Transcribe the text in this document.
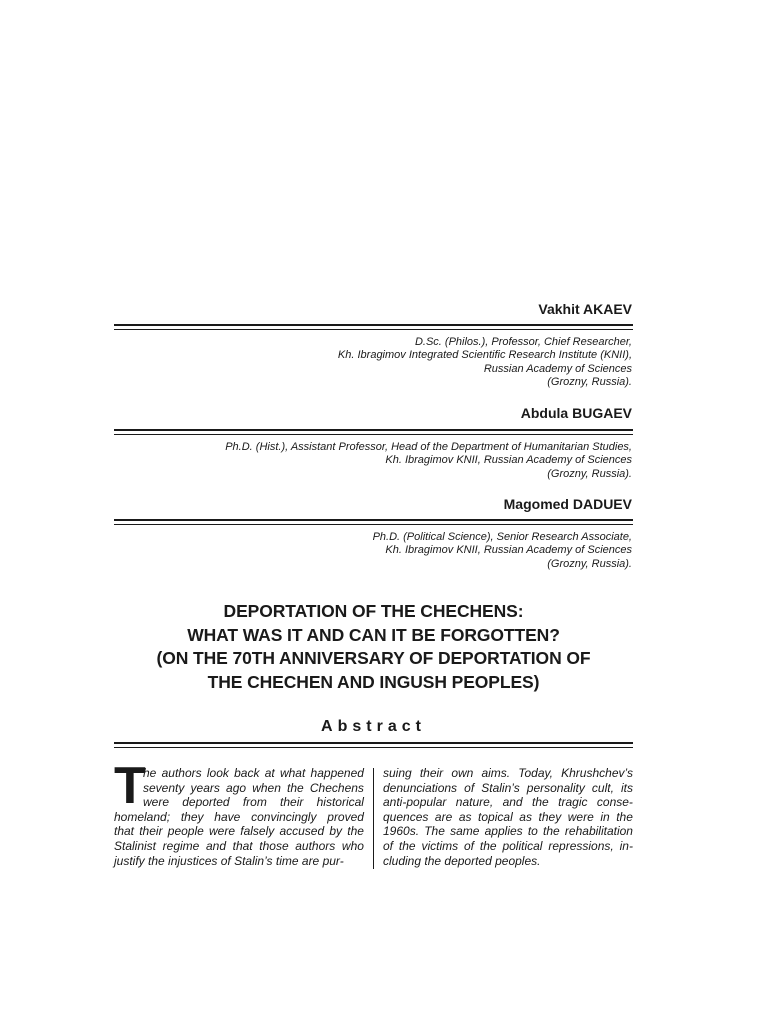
Vakhit AKAEV
D.Sc. (Philos.), Professor, Chief Researcher,
Kh. Ibragimov Integrated Scientific Research Institute (KNII),
Russian Academy of Sciences
(Grozny, Russia).
Abdula BUGAEV
Ph.D. (Hist.), Assistant Professor, Head of the Department of Humanitarian Studies,
Kh. Ibragimov KNII, Russian Academy of Sciences
(Grozny, Russia).
Magomed DADUEV
Ph.D. (Political Science), Senior Research Associate,
Kh. Ibragimov KNII, Russian Academy of Sciences
(Grozny, Russia).
DEPORTATION OF THE CHECHENS:
WHAT WAS IT AND CAN IT BE FORGOTTEN?
(ON THE 70TH ANNIVERSARY OF DEPORTATION OF
THE CHECHEN AND INGUSH PEOPLES)
Abstract
T
he authors look back at what happened
seventy years ago when the Chechens
were deported from their historical
homeland; they have convincingly proved
that their people were falsely accused by the
Stalinist regime and that those authors who
justify the injustices of Stalin’s time are pur-
suing their own aims. Today, Khrushchev’s
denunciations of Stalin’s personality cult, its
anti-popular nature, and the tragic conse-
quences are as topical as they were in the
1960s. The same applies to the rehabilitation
of the victims of the political repressions, in-
cluding the deported peoples.
